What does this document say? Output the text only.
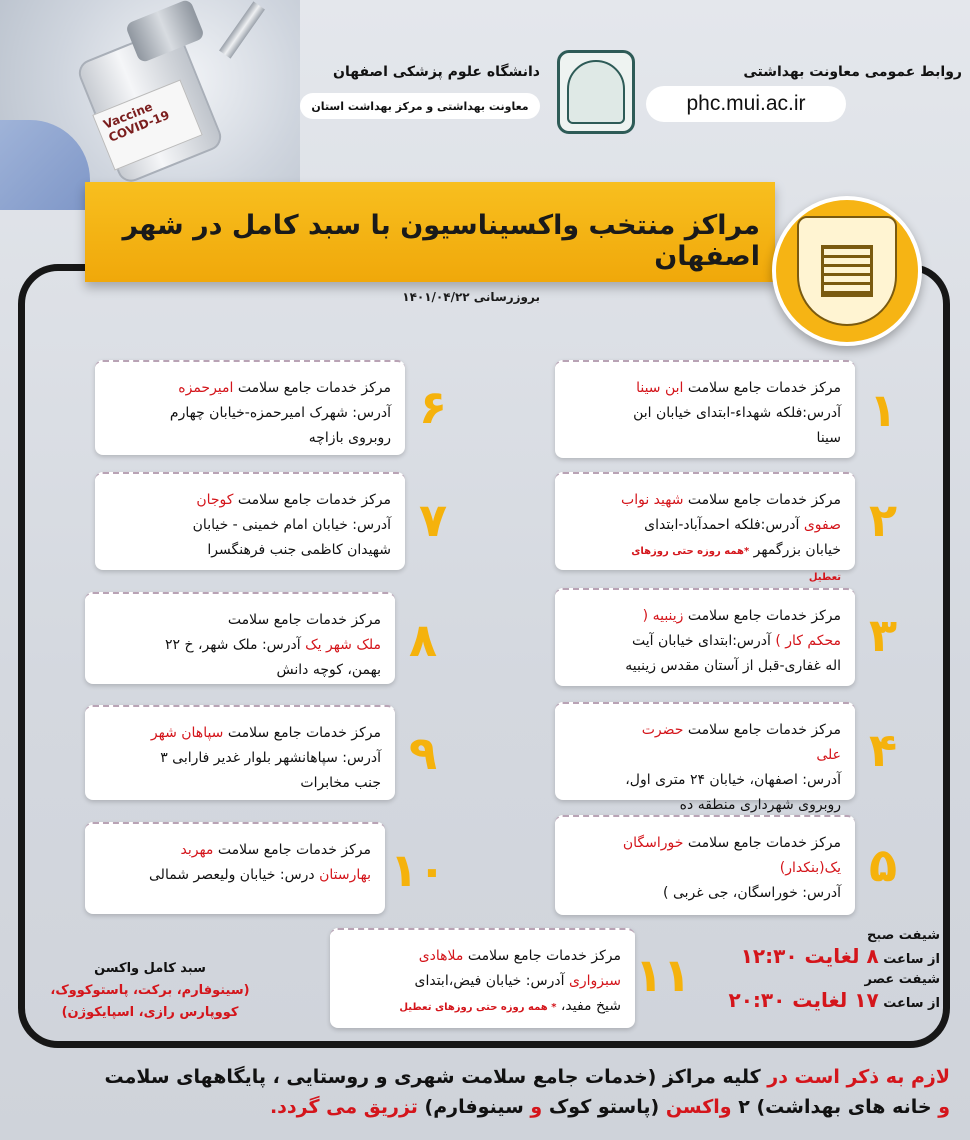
Vaccine COVID-19
روابط عمومی معاونت بهداشتی
phc.mui.ac.ir
دانشگاه علوم پزشکی اصفهان
معاونت بهداشتی و مرکز بهداشت استان
مراکز منتخب واکسیناسیون با سبد کامل در شهر اصفهان
بروزرسانی ۱۴۰۱/۰۴/۲۲
مرکز خدمات جامع سلامت ابن سینا
آدرس:فلکه شهداء-ابتدای خیابان ابن سینا
۱
مرکز خدمات جامع سلامت شهید نواب صفوی آدرس:فلکه احمدآباد-ابتدای خیابان بزرگمهر *همه روزه حتی روزهای تعطیل
۲
مرکز خدمات جامع سلامت زینبیه ( محکم کار ) آدرس:ابتدای خیابان آیت اله غفاری-قبل از آستان مقدس زینبیه
۳
مرکز خدمات جامع سلامت حضرت علی
آدرس: اصفهان، خیابان ۲۴ متری اول، روبروی شهرداری منطقه ده
۴
مرکز خدمات جامع سلامت خوراسگان یک(بنکدار)
آدرس: خوراسگان، جی غربی )
۵
مرکز خدمات جامع سلامت امیرحمزه
آدرس: شهرک امیرحمزه-خیابان چهارم روبروی بازاچه
۶
مرکز خدمات جامع سلامت کوجان
آدرس: خیابان امام خمینی - خیابان شهیدان کاظمی جنب فرهنگسرا
۷
مرکز خدمات جامع سلامت
ملک شهر یک آدرس: ملک شهر، خ ۲۲ بهمن، کوچه دانش
۸
مرکز خدمات جامع سلامت سپاهان شهر
آدرس: سپاهانشهر بلوار غدیر فارابی ۳ جنب مخابرات
۹
مرکز خدمات جامع سلامت مهربد بهارستان درس: خیابان ولیعصر شمالی	۱۰
مرکز خدمات جامع سلامت ملاهادی سبزواری آدرس: خیابان فیض،ابتدای شیخ مفید، * همه روزه حتی روزهای تعطیل
۱۱
شیفت صبح
از ساعت ۸ لغایت ۱۲:۳۰
شیفت عصر
از ساعت ۱۷ لغایت ۲۰:۳۰
سبد کامل واکسن
(سینوفارم، برکت، پاستوکووک،
کووپارس رازی، اسپایکوژن)
لازم به ذکر است در کلیه مراکز (خدمات جامع سلامت شهری و روستایی ، پایگاههای سلامت
و خانه های بهداشت) ۲ واکسن (پاستو کوک و سینوفارم) تزریق می گردد.
